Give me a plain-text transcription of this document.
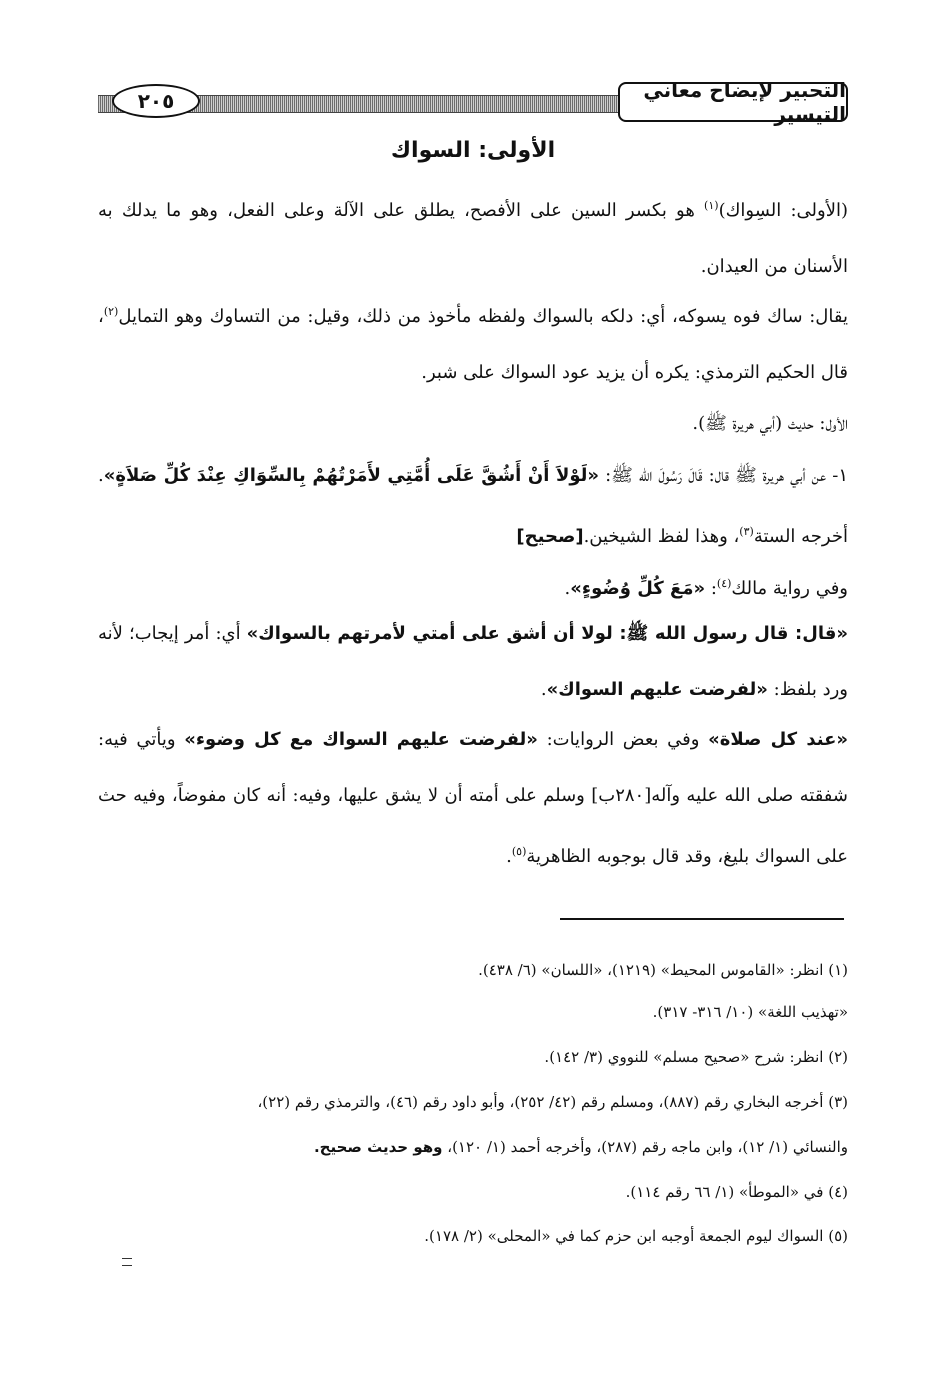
٢٠٥	التحبير لإيضاح معاني التيسير
الأولى: السواك
(الأولى: السِواك)$^{(١)}$ هو بكسر السين على الأفصح، يطلق على الآلة وعلى الفعل، وهو ما يدلك به الأسنان من العيدان.
يقال: ساك فوه يسوكه، أي: دلكه بالسواك ولفظه مأخوذ من ذلك، وقيل: من التساوك وهو التمايل$^{(٢)}$، قال الحكيم الترمذي: يكره أن يزيد عود السواك على شبر.
الأول: حديث (أبي هريرة ﷺ).
١- عن أبي هريرة ﷺ قال: قَالَ رَسُولَ الله ﷺ: «لَوْلاَ أَنْ أَشُقَّ عَلَى أُمَّتِي لأَمَرْتُهُمْ بِالسِّوَاكِ عِنْدَ كُلِّ صَلاَةٍ». أخرجه الستة$^{(٣)}$، وهذا لفظ الشيخين.[صحيح]
وفي رواية مالك$^{(٤)}$: «مَعَ كُلِّ وُضُوءٍ».
«قال: قال رسول الله ﷺ: لولا أن أشق على أمتي لأمرتهم بالسواك» أي: أمر إيجاب؛ لأنه ورد بلفظ: «لفرضت عليهم السواك».
«عند كل صلاة» وفي بعض الروايات: «لفرضت عليهم السواك مع كل وضوء» ويأتي فيه: شفقته صلى الله عليه وآله[٢٨٠ب] وسلم على أمته أن لا يشق عليها، وفيه: أنه كان مفوضاً، وفيه حث على السواك بليغ، وقد قال بوجوبه الظاهرية$^{(٥)}$.
(١) انظر: «القاموس المحيط» (١٢١٩)، «اللسان» (٦/ ٤٣٨).
«تهذيب اللغة» (١٠/ ٣١٦- ٣١٧).
(٢) انظر: شرح «صحيح مسلم» للنووي (٣/ ١٤٢).
(٣) أخرجه البخاري رقم (٨٨٧)، ومسلم رقم (٤٢/ ٢٥٢)، وأبو داود رقم (٤٦)، والترمذي رقم (٢٢)،
والنسائي (١/ ١٢)، وابن ماجه رقم (٢٨٧)، وأخرجه أحمد (١/ ١٢٠)، وهو حديث صحيح.
(٤) في «الموطأ» (١/ ٦٦ رقم ١١٤).
(٥) السواك ليوم الجمعة أوجبه ابن حزم كما في «المحلى» (٢/ ١٧٨).
